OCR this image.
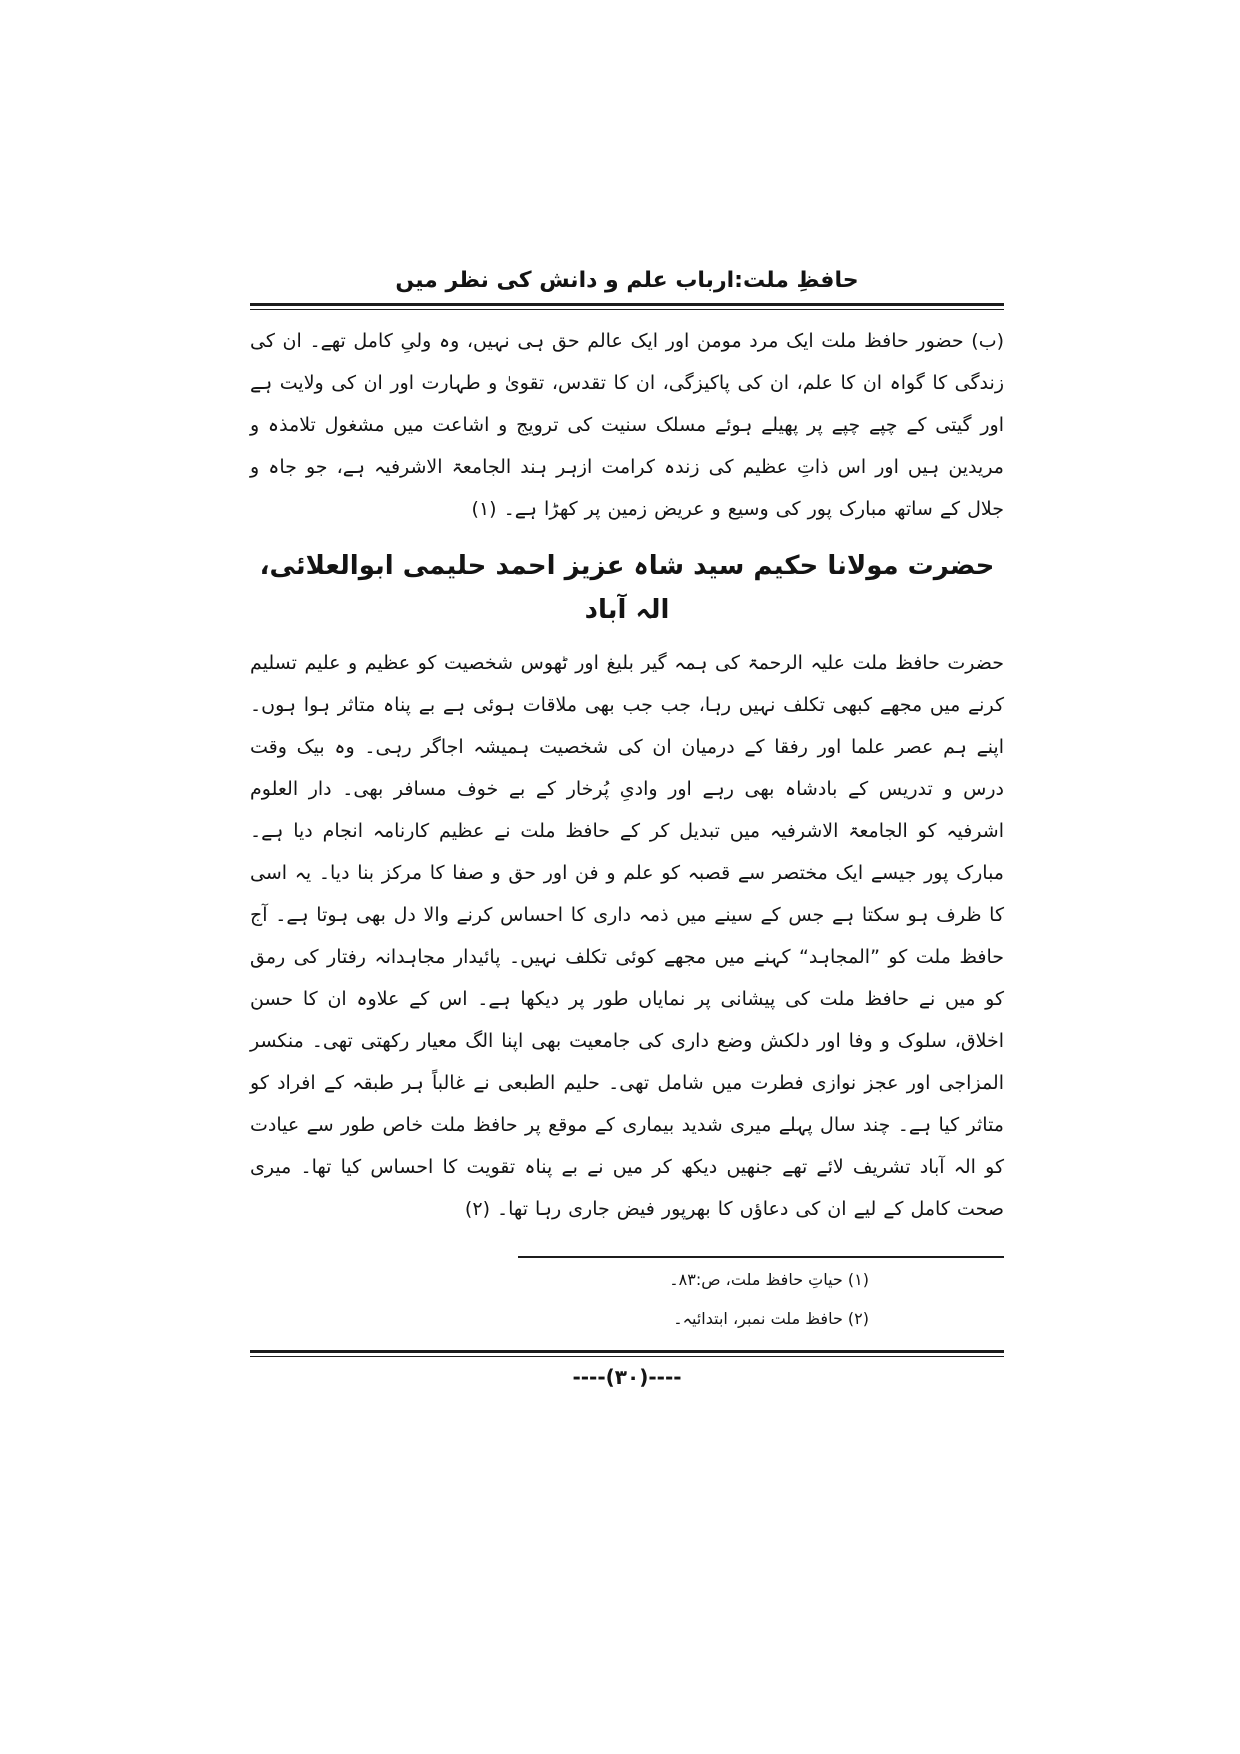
حافظِ ملت:ارباب علم و دانش کی نظر میں

(ب) حضور حافظ ملت ایک مرد مومن اور ایک عالم حق ہی نہیں، وہ ولیِ کامل تھے۔ ان کی زندگی کا گواہ ان کا علم، ان کی پاکیزگی، ان کا تقدس، تقویٰ و طہارت اور ان کی ولایت ہے اور گیتی کے چپے چپے پر پھیلے ہوئے مسلک سنیت کی ترویج و اشاعت میں مشغول تلامذہ و مریدین ہیں اور اس ذاتِ عظیم کی زندہ کرامت ازہر ہند الجامعۃ الاشرفیہ ہے، جو جاہ و جلال کے ساتھ مبارک پور کی وسیع و عریض زمین پر کھڑا ہے۔ (۱)

حضرت مولانا حکیم سید شاہ عزیز احمد حلیمی ابوالعلائی، الہ آباد

حضرت حافظ ملت علیہ الرحمۃ کی ہمہ گیر بلیغ اور ٹھوس شخصیت کو عظیم و علیم تسلیم کرنے میں مجھے کبھی تکلف نہیں رہا، جب جب بھی ملاقات ہوئی ہے بے پناہ متاثر ہوا ہوں۔ اپنے ہم عصر علما اور رفقا کے درمیان ان کی شخصیت ہمیشہ اجاگر رہی۔ وہ بیک وقت درس و تدریس کے بادشاہ بھی رہے اور وادیِ پُرخار کے بے خوف مسافر بھی۔ دار العلوم اشرفیہ کو الجامعۃ الاشرفیہ میں تبدیل کر کے حافظ ملت نے عظیم کارنامہ انجام دیا ہے۔ مبارک پور جیسے ایک مختصر سے قصبہ کو علم و فن اور حق و صفا کا مرکز بنا دیا۔ یہ اسی کا ظرف ہو سکتا ہے جس کے سینے میں ذمہ داری کا احساس کرنے والا دل بھی ہوتا ہے۔ آج حافظ ملت کو ”المجاہد“ کہنے میں مجھے کوئی تکلف نہیں۔ پائیدار مجاہدانہ رفتار کی رمق کو میں نے حافظ ملت کی پیشانی پر نمایاں طور پر دیکھا ہے۔ اس کے علاوہ ان کا حسن اخلاق، سلوک و وفا اور دلکش وضع داری کی جامعیت بھی اپنا الگ معیار رکھتی تھی۔ منکسر المزاجی اور عجز نوازی فطرت میں شامل تھی۔ حلیم الطبعی نے غالباً ہر طبقہ کے افراد کو متاثر کیا ہے۔ چند سال پہلے میری شدید بیماری کے موقع پر حافظ ملت خاص طور سے عیادت کو الہ آباد تشریف لائے تھے جنھیں دیکھ کر میں نے بے پناہ تقویت کا احساس کیا تھا۔ میری صحت کامل کے لیے ان کی دعاؤں کا بھرپور فیض جاری رہا تھا۔ (۲)

(۱) حیاتِ حافظ ملت، ص:۸۳۔
(۲) حافظ ملت نمبر، ابتدائیہ۔
----(۳۰)----
